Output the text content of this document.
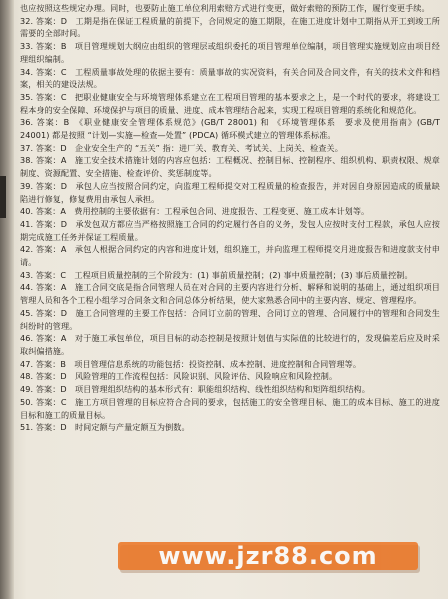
也应按照这些规定办理。同时，也要防止施工单位利用索赔方式进行变更，做好索赔的预防工作，履行变更手续。

32. 答案：D　工期是指在保证工程质量的前提下，合同规定的施工期限，在施工进度计划中工期指从开工到竣工所需要的全部时间。

33. 答案：B　项目管理规划大纲应由组织的管理层或组织委托的项目管理单位编制，项目管理实施规划应由项目经理组织编制。

34. 答案：C　工程质量事故处理的依据主要有：质量事故的实况资料，有关合同及合同文件，有关的技术文件和档案，相关的建设法规。

35. 答案：C　把职业健康安全与环境管理体系建立在工程项目管理的基本要求之上，是一个时代的要求，将建设工程本身的安全保障、环境保护与项目的质量、进度、成本管理结合起来，实现工程项目管理的系统化和规范化。

36. 答案：B　《职业健康安全管理体系规范》(GB/T 28001) 和 《环境管理体系　要求及使用指南》(GB/T 24001) 都是按照 “计划—实施—检查—处置” (PDCA) 循环模式建立的管理体系标准。

37. 答案：D　企业安全生产的 “五关” 指：进厂关、教育关、考试关、上岗关、检查关。

38. 答案：A　施工安全技术措施计划的内容应包括：工程概况、控制目标、控制程序、组织机构、职责权限、规章制度、资源配置、安全措施、检查评价、奖惩制度等。

39. 答案：D　承包人应当按照合同约定，向监理工程师提交对工程质量的检查报告，并对因自身原因造成的质量缺陷进行修复，修复费用由承包人承担。

40. 答案：A　费用控制的主要依据有：工程承包合同、进度报告、工程变更、施工成本计划等。

41. 答案：D　承发包双方都应当严格按照施工合同的约定履行各自的义务，发包人应按时支付工程款，承包人应按期完成施工任务并保证工程质量。

42. 答案：A　承包人根据合同约定的内容和进度计划，组织施工，并向监理工程师提交月进度报告和进度款支付申请。

43. 答案：C　工程项目质量控制的三个阶段为：(1) 事前质量控制；(2) 事中质量控制；(3) 事后质量控制。

44. 答案：A　施工合同交底是指合同管理人员在对合同的主要内容进行分析、解释和说明的基础上，通过组织项目管理人员和各个工程小组学习合同条文和合同总体分析结果，使大家熟悉合同中的主要内容、规定、管理程序。

45. 答案：D　施工合同管理的主要工作包括：合同订立前的管理、合同订立的管理、合同履行中的管理和合同发生纠纷时的管理。

46. 答案：A　对于施工承包单位，项目目标的动态控制是按照计划值与实际值的比较进行的，发现偏差后应及时采取纠偏措施。

47. 答案：B　项目管理信息系统的功能包括：投资控制、成本控制、进度控制和合同管理等。

48. 答案：D　风险管理的工作流程包括：风险识别、风险评估、风险响应和风险控制。

49. 答案：D　项目管理组织结构的基本形式有：职能组织结构、线性组织结构和矩阵组织结构。

50. 答案：C　施工方项目管理的目标应符合合同的要求，包括施工的安全管理目标、施工的成本目标、施工的进度目标和施工的质量目标。

51. 答案：D　时间定额与产量定额互为倒数。

www.jzr88.com
